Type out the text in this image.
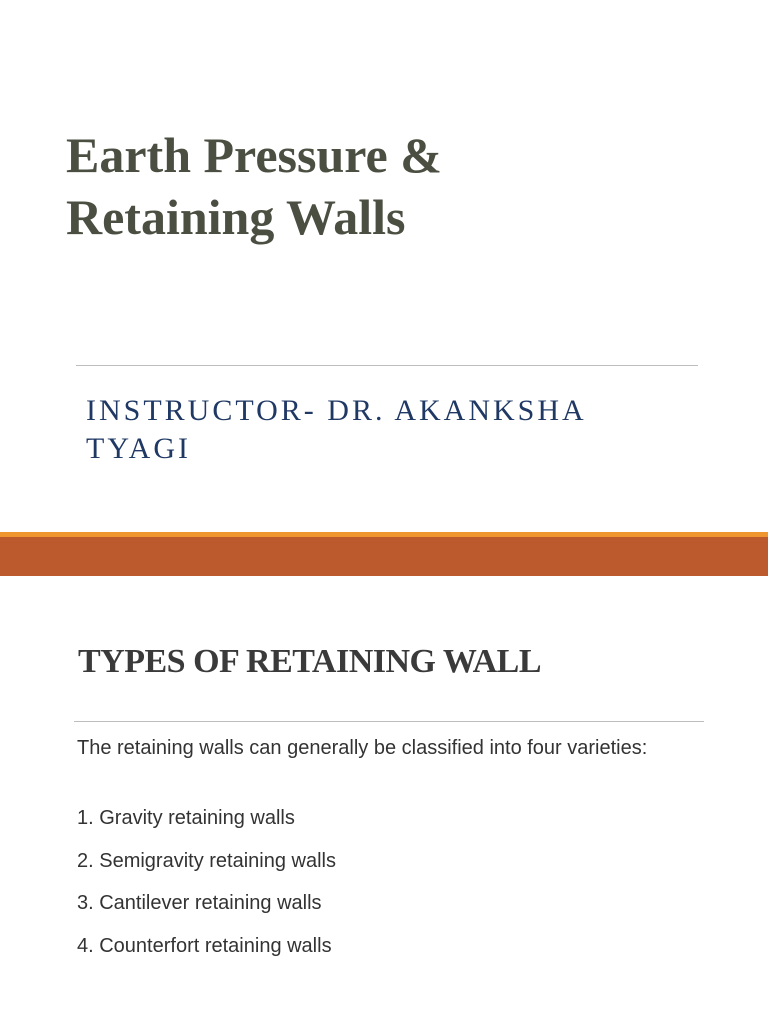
Earth Pressure &
Retaining Walls

INSTRUCTOR- DR. AKANKSHA
TYAGI

TYPES OF RETAINING WALL

The retaining walls can generally be classified into four varieties:

1. Gravity retaining walls
2. Semigravity retaining walls
3. Cantilever retaining walls
4. Counterfort retaining walls
